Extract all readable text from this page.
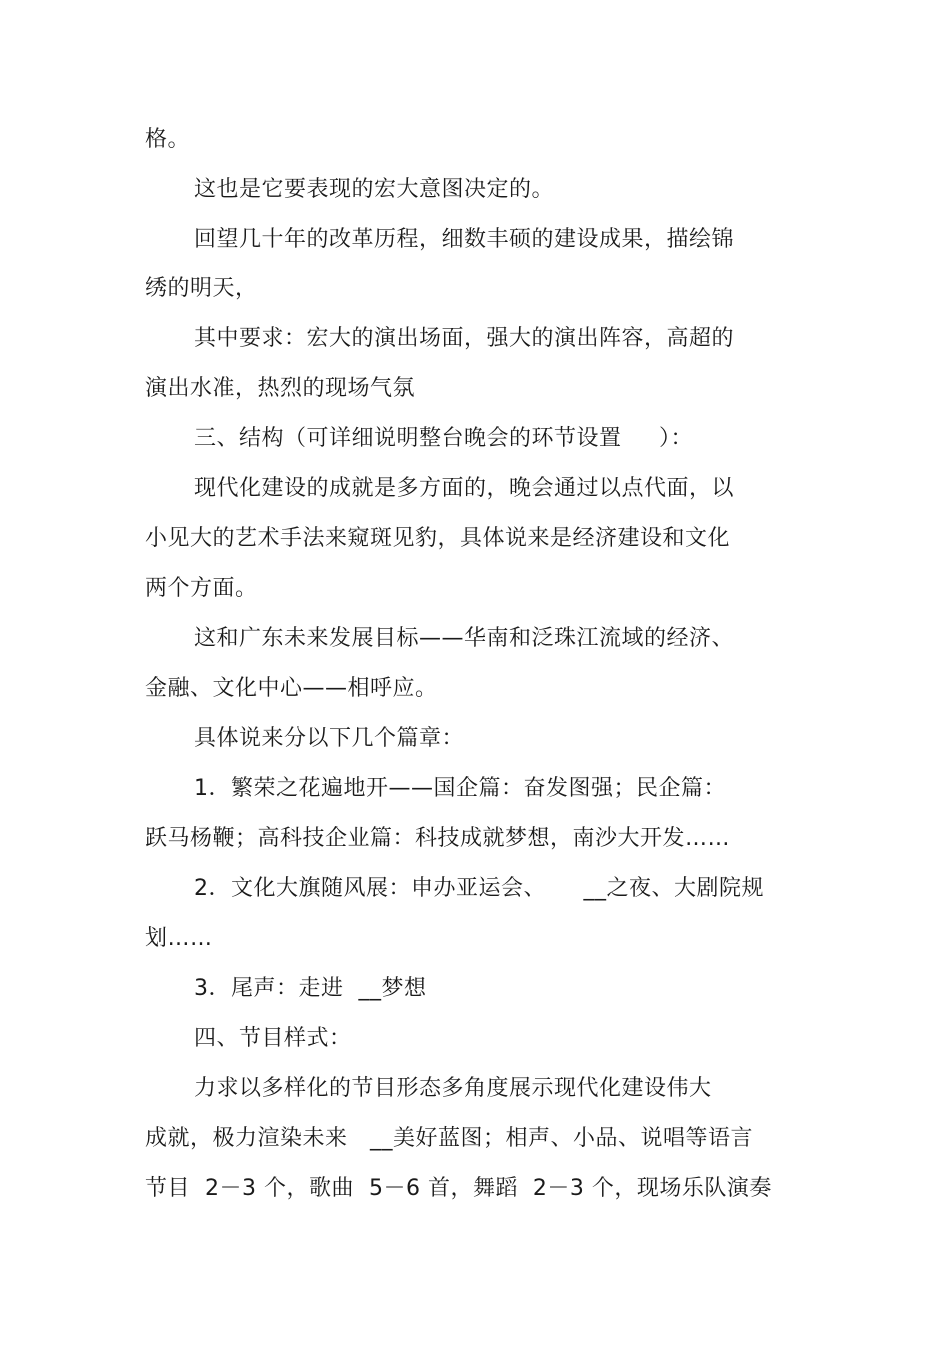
格。
这也是它要表现的宏大意图决定的。
回望几十年的改革历程，细数丰硕的建设成果，描绘锦
绣的明天，
其中要求：宏大的演出场面，强大的演出阵容，高超的
演出水准，热烈的现场气氛
三、结构（可详细说明整台晚会的环节设置     ）：
现代化建设的成就是多方面的，晚会通过以点代面，以
小见大的艺术手法来窥斑见豹，具体说来是经济建设和文化
两个方面。
这和广东未来发展目标——华南和泛珠江流域的经济、
金融、文化中心——相呼应。
具体说来分以下几个篇章：
1．繁荣之花遍地开——国企篇：奋发图强；民企篇：
跃马杨鞭；高科技企业篇：科技成就梦想，南沙大开发……
2．文化大旗随风展：申办亚运会、     __之夜、大剧院规
划……
3．尾声：走进  __梦想
四、节目样式：
力求以多样化的节目形态多角度展示现代化建设伟大
成就，极力渲染未来   __美好蓝图；相声、小品、说唱等语言
节目  2－3 个，歌曲  5－6 首，舞蹈  2－3 个，现场乐队演奏
